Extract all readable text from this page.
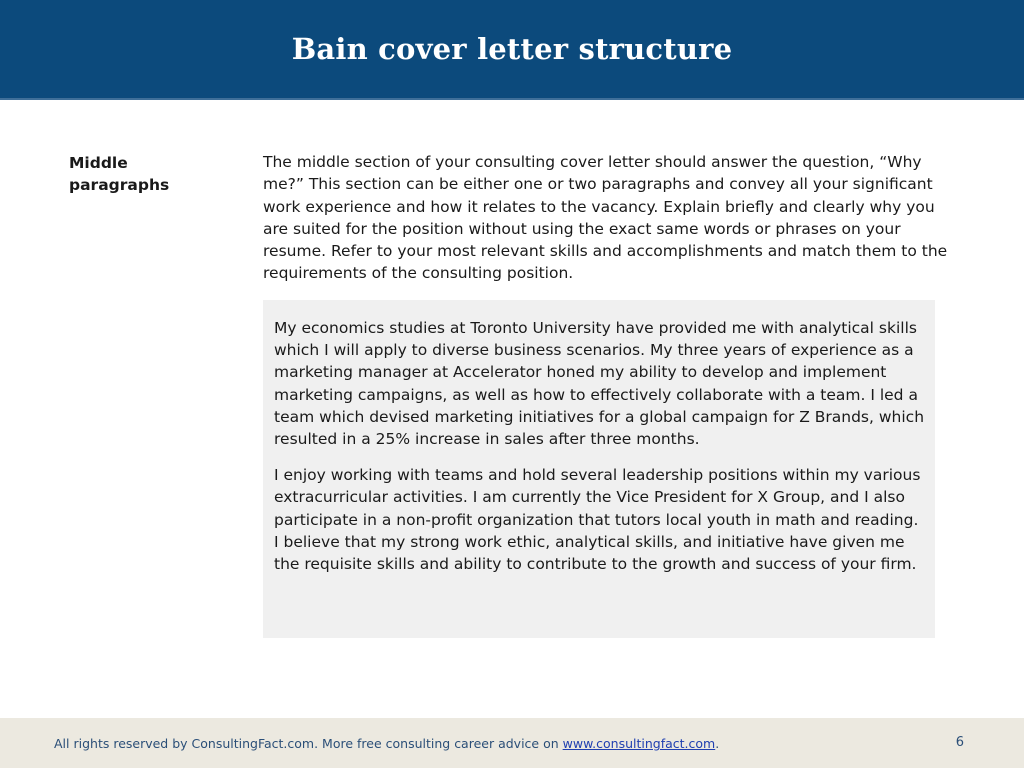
Bain cover letter structure
Middle
paragraphs
The middle section of your consulting cover letter should answer the question, “Why me?” This section can be either one or two paragraphs and convey all your significant work experience and how it relates to the vacancy. Explain briefly and clearly why you are suited for the position without using the exact same words or phrases on your resume. Refer to your most relevant skills and accomplishments and match them to the requirements of the consulting position.

My economics studies at Toronto University have provided me with analytical skills which I will apply to diverse business scenarios. My three years of experience as a marketing manager at Accelerator honed my ability to develop and implement marketing campaigns, as well as how to effectively collaborate with a team. I led a team which devised marketing initiatives for a global campaign for Z Brands, which resulted in a 25% increase in sales after three months.

I enjoy working with teams and hold several leadership positions within my various extracurricular activities. I am currently the Vice President for X Group, and I also participate in a non-profit organization that tutors local youth in math and reading. I believe that my strong work ethic, analytical skills, and initiative have given me the requisite skills and ability to contribute to the growth and success of your firm.

All rights reserved by ConsultingFact.com. More free consulting career advice on www.consultingfact.com.	6
